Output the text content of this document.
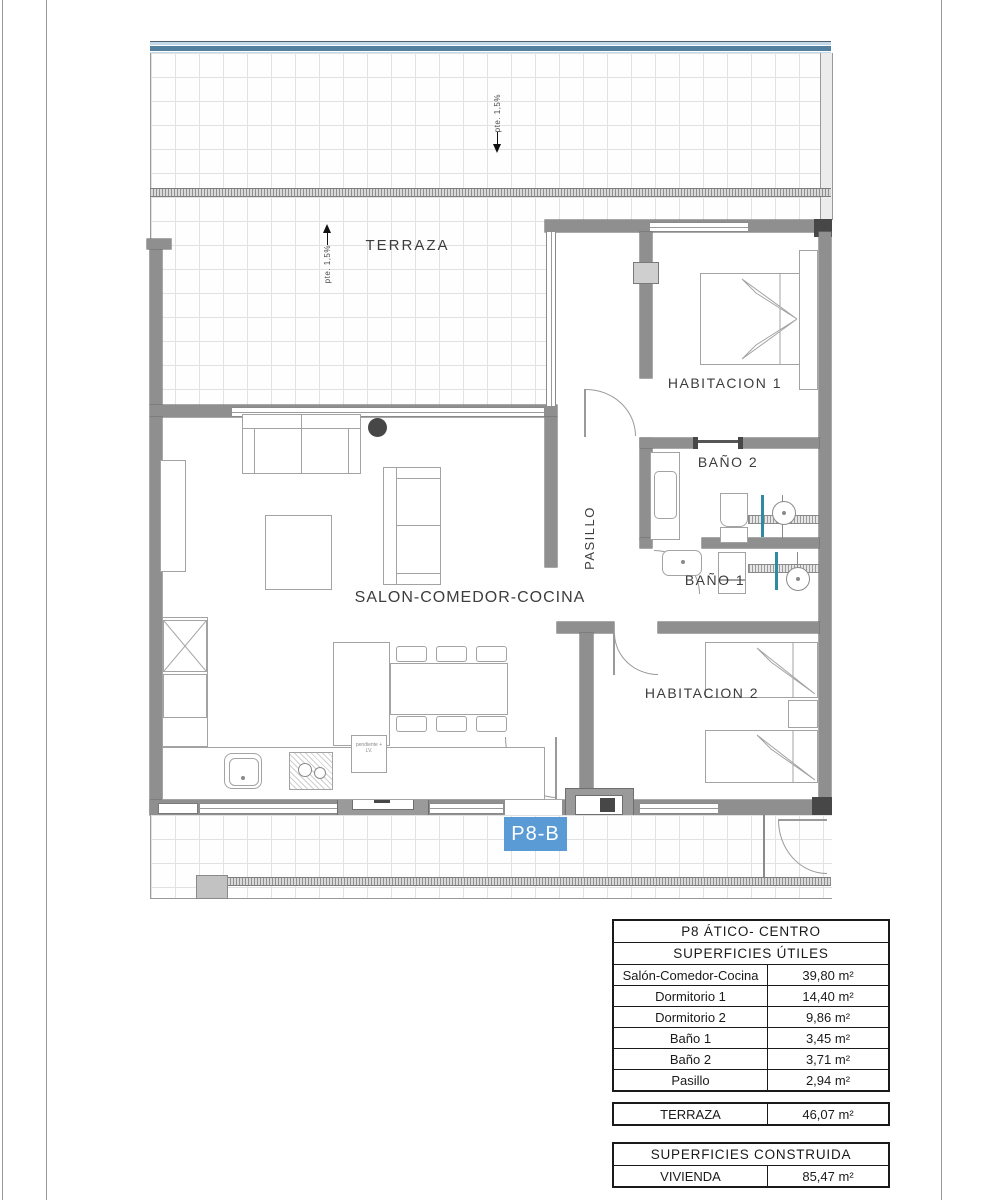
pte. 1,5%
pte. 1,5%	TERRAZA
P8-B
pendiente + LV.
HABITACION 1
BAÑO 2
BAÑO 1
PASILLO
SALON-COMEDOR-COCINA
HABITACION 2
P8 ÁTICO- CENTRO
SUPERFICIES ÚTILES
Salón-Comedor-Cocina	39,80 m²
Dormitorio 1	14,40 m²
Dormitorio 2	9,86 m²
Baño 1	3,45 m²
Baño 2	3,71 m²
Pasillo	2,94 m²
TERRAZA	46,07 m²
SUPERFICIES CONSTRUIDA
VIVIENDA	85,47 m²
